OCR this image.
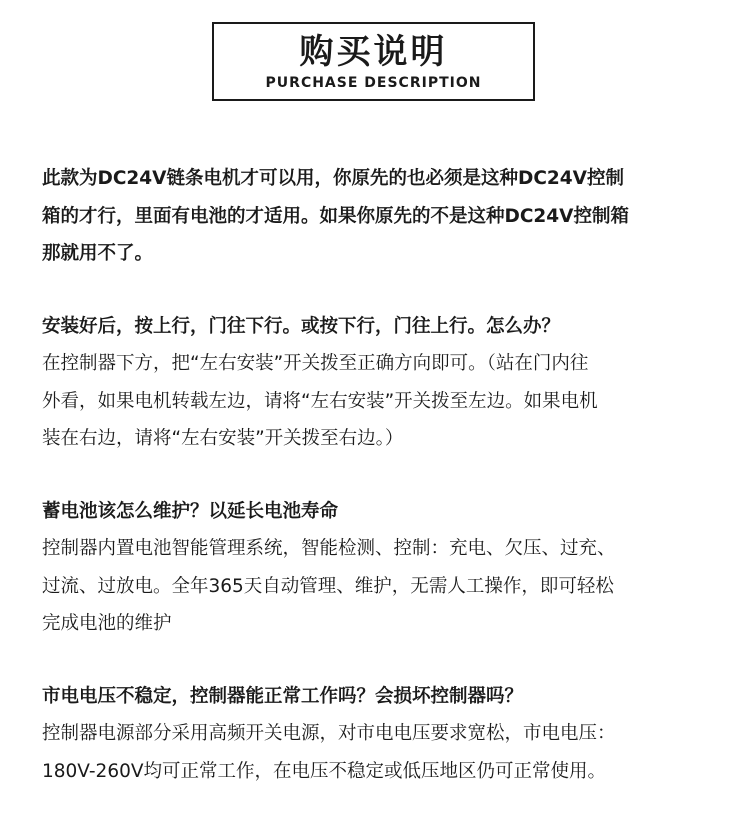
购买说明
PURCHASE DESCRIPTION

此款为DC24V链条电机才可以用，你原先的也必须是这种DC24V控制
箱的才行，里面有电池的才适用。如果你原先的不是这种DC24V控制箱
那就用不了。

安装好后，按上行，门往下行。或按下行，门往上行。怎么办？

在控制器下方，把“左右安装”开关拨至正确方向即可。（站在门内往
外看，如果电机转载左边，请将“左右安装”开关拨至左边。如果电机
装在右边，请将“左右安装”开关拨至右边。）

蓄电池该怎么维护？以延长电池寿命

控制器内置电池智能管理系统，智能检测、控制：充电、欠压、过充、
过流、过放电。全年365天自动管理、维护，无需人工操作，即可轻松
完成电池的维护

市电电压不稳定，控制器能正常工作吗？会损坏控制器吗？

控制器电源部分采用高频开关电源，对市电电压要求宽松，市电电压：
180V-260V均可正常工作，在电压不稳定或低压地区仍可正常使用。
